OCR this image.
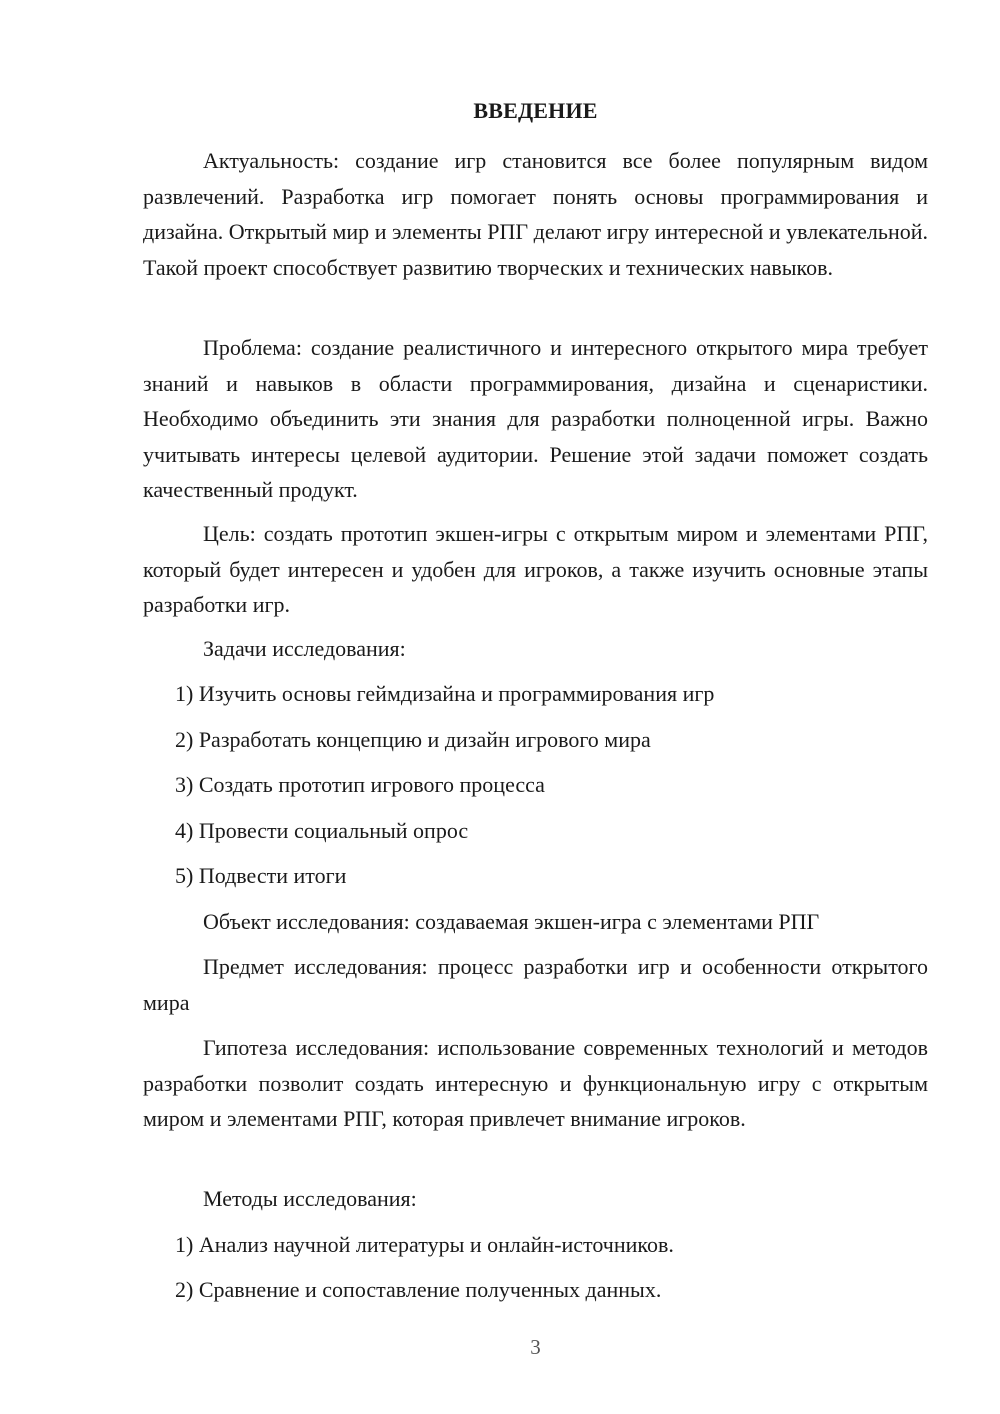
ВВЕДЕНИЕ

Актуальность: создание игр становится все более популярным видом развлечений. Разработка игр помогает понять основы программирования и дизайна. Открытый мир и элементы РПГ делают игру интересной и увлекательной. Такой проект способствует развитию творческих и технических навыков.

Проблема: создание реалистичного и интересного открытого мира требует знаний и навыков в области программирования, дизайна и сценаристики. Необходимо объединить эти знания для разработки полноценной игры. Важно учитывать интересы целевой аудитории. Решение этой задачи поможет создать качественный продукт.

Цель: создать прототип экшен-игры с открытым миром и элементами РПГ, который будет интересен и удобен для игроков, а также изучить основные этапы разработки игр.

Задачи исследования:

1) Изучить основы геймдизайна и программирования игр
2) Разработать концепцию и дизайн игрового мира
3) Создать прототип игрового процесса
4) Провести социальный опрос
5) Подвести итоги

Объект исследования: создаваемая экшен-игра с элементами РПГ

Предмет исследования: процесс разработки игр и особенности открытого мира

Гипотеза исследования: использование современных технологий и методов разработки позволит создать интересную и функциональную игру с открытым миром и элементами РПГ, которая привлечет внимание игроков.

Методы исследования:

1) Анализ научной литературы и онлайн-источников.
2) Сравнение и сопоставление полученных данных.
3
